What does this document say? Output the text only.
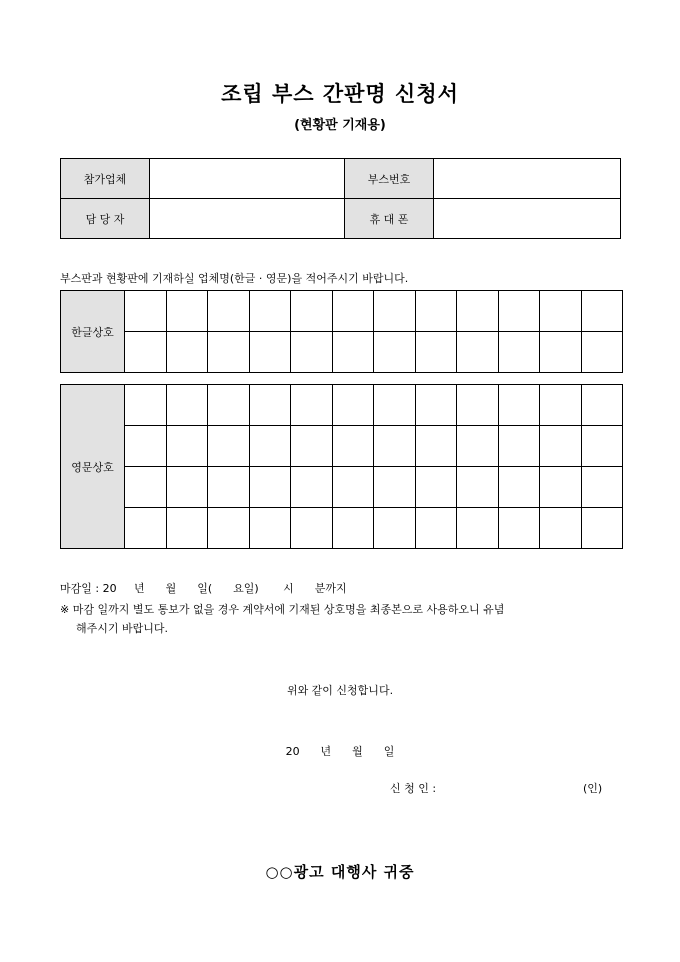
조립 부스 간판명 신청서
(현황판 기재용)
참가업체		부스번호	
담 당 자		휴 대 폰	
부스판과 현황판에 기재하실 업체명(한글 · 영문)을 적어주시기 바랍니다.
한글상호												

영문상호												

마감일 : 20     년      월      일(      요일)       시      분까지
※ 마감 일까지 별도 통보가 없을 경우 계약서에 기재된 상호명을 최종본으로 사용하오니 유념
해주시기 바랍니다.
위와 같이 신청합니다.
20      년      월      일
신 청 인 :	(인)
○○광고 대행사 귀중
